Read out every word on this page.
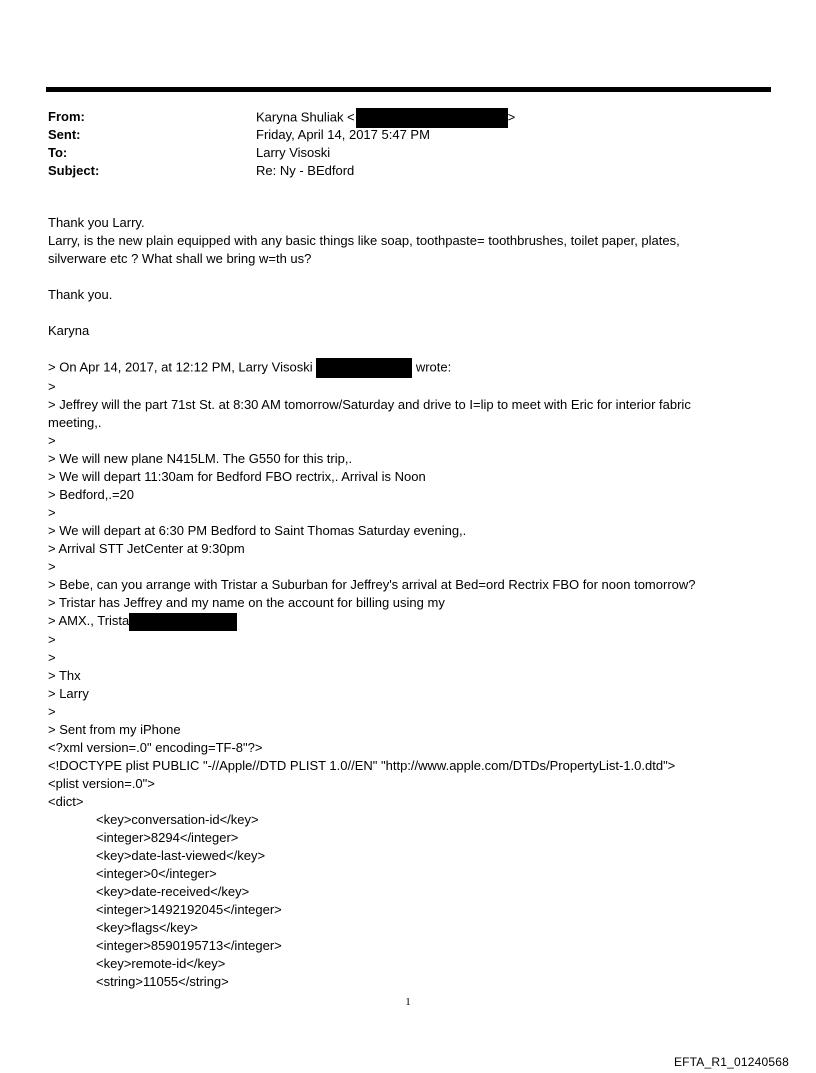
From:	Karyna Shuliak <	>
Sent:	Friday, April 14, 2017 5:47 PM
To:	Larry Visoski
Subject:	Re: Ny - BEdford
Thank you Larry.
Larry, is the new plain equipped with any basic things like soap, toothpaste= toothbrushes, toilet paper, plates,
silverware etc ? What shall we bring w=th us?
Thank you.
Karyna
> On Apr 14, 2017, at 12:12 PM, Larry Visoski	wrote:
>
> Jeffrey will the part 71st St. at 8:30 AM tomorrow/Saturday and drive to I=lip to meet with Eric for interior fabric
meeting,.
>
> We will new plane N415LM. The G550 for this trip,.
> We will depart 11:30am for Bedford FBO rectrix,. Arrival is Noon
> Bedford,.=20
>
> We will depart at 6:30 PM Bedford to Saint Thomas Saturday evening,.
> Arrival STT JetCenter at 9:30pm
>
> Bebe, can you arrange with Tristar a Suburban for Jeffrey's arrival at Bed=ord Rectrix FBO for noon tomorrow?
> Tristar has Jeffrey and my name on the account for billing using my
> AMX., Trista
>
>
> Thx
> Larry
>
> Sent from my iPhone
<?xml version=.0" encoding=TF-8"?>
<!DOCTYPE plist PUBLIC "-//Apple//DTD PLIST 1.0//EN" "http://www.apple.com/DTDs/PropertyList-1.0.dtd">
<plist version=.0">
<dict>
<key>conversation-id</key>
<integer>8294</integer>
<key>date-last-viewed</key>
<integer>0</integer>
<key>date-received</key>
<integer>1492192045</integer>
<key>flags</key>
<integer>8590195713</integer>
<key>remote-id</key>
<string>11055</string>
1
EFTA_R1_01240568
